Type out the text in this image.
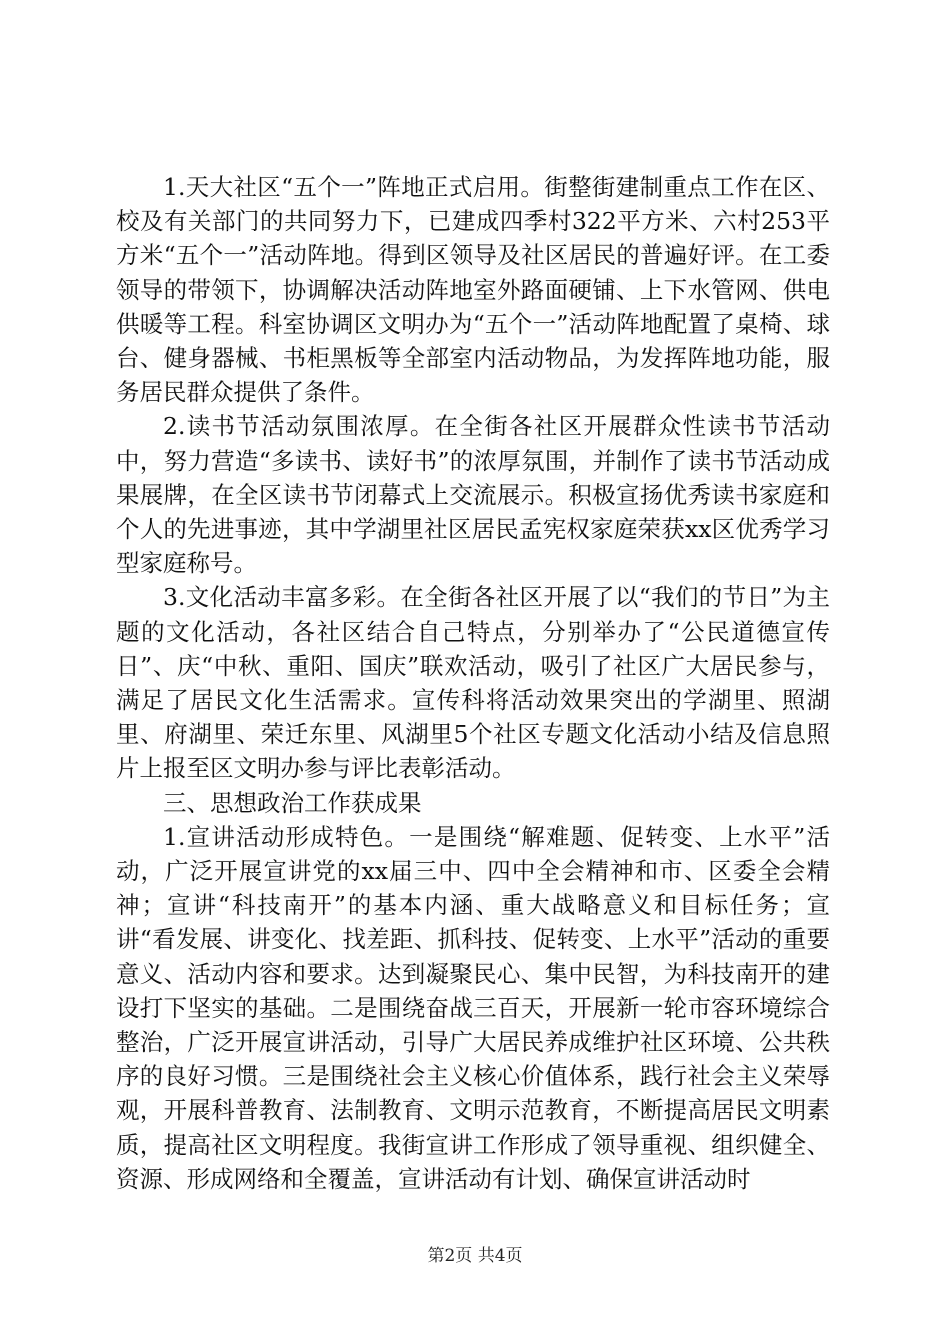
1.天大社区“五个一”阵地正式启用。街整街建制重点工作在区、校及有关部门的共同努力下，已建成四季村322平方米、六村253平方米“五个一”活动阵地。得到区领导及社区居民的普遍好评。在工委领导的带领下，协调解决活动阵地室外路面硬铺、上下水管网、供电供暖等工程。科室协调区文明办为“五个一”活动阵地配置了桌椅、球台、健身器械、书柜黑板等全部室内活动物品，为发挥阵地功能，服务居民群众提供了条件。

2.读书节活动氛围浓厚。在全街各社区开展群众性读书节活动中，努力营造“多读书、读好书”的浓厚氛围，并制作了读书节活动成果展牌，在全区读书节闭幕式上交流展示。积极宣扬优秀读书家庭和个人的先进事迹，其中学湖里社区居民孟宪权家庭荣获xx区优秀学习型家庭称号。

3.文化活动丰富多彩。在全街各社区开展了以“我们的节日”为主题的文化活动，各社区结合自己特点，分别举办了“公民道德宣传日”、庆“中秋、重阳、国庆”联欢活动，吸引了社区广大居民参与，满足了居民文化生活需求。宣传科将活动效果突出的学湖里、照湖里、府湖里、荣迁东里、风湖里5个社区专题文化活动小结及信息照片上报至区文明办参与评比表彰活动。

三、思想政治工作获成果

1.宣讲活动形成特色。一是围绕“解难题、促转变、上水平”活动，广泛开展宣讲党的xx届三中、四中全会精神和市、区委全会精神；宣讲“科技南开”的基本内涵、重大战略意义和目标任务；宣讲“看发展、讲变化、找差距、抓科技、促转变、上水平”活动的重要意义、活动内容和要求。达到凝聚民心、集中民智，为科技南开的建设打下坚实的基础。二是围绕奋战三百天，开展新一轮市容环境综合整治，广泛开展宣讲活动，引导广大居民养成维护社区环境、公共秩序的良好习惯。三是围绕社会主义核心价值体系，践行社会主义荣辱观，开展科普教育、法制教育、文明示范教育，不断提高居民文明素质，提高社区文明程度。我街宣讲工作形成了领导重视、组织健全、资源、形成网络和全覆盖，宣讲活动有计划、确保宣讲活动时

第2页 共4页
